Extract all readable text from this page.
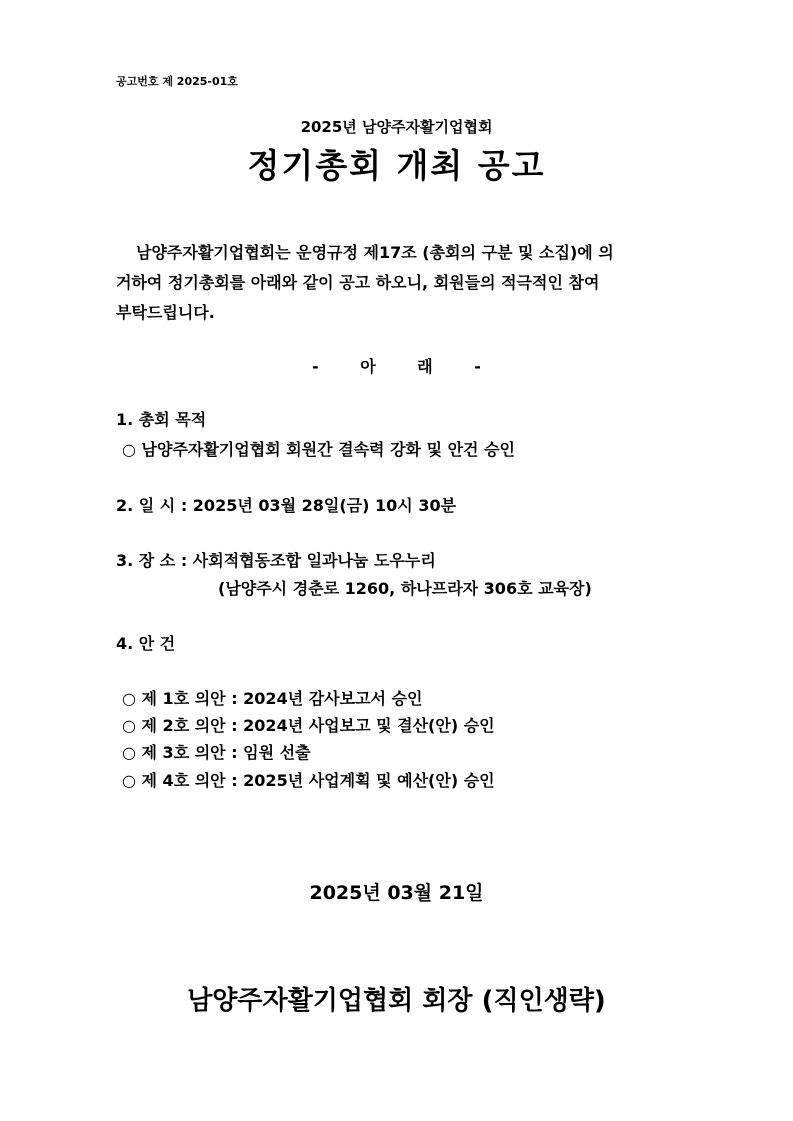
공고번호 제 2025-01호
2025년 남양주자활기업협회
정기총회 개최 공고
남양주자활기업협회는 운영규정 제17조 (총회의 구분 및 소집)에 의
거하여 정기총회를 아래와 같이 공고 하오니, 회원들의 적극적인 참여
부탁드립니다.
- 아 래 -
1. 총회 목적
○ 남양주자활기업협회 회원간 결속력 강화 및 안건 승인
2. 일 시 : 2025년 03월 28일(금) 10시 30분
3. 장 소 : 사회적협동조합 일과나눔 도우누리
(남양주시 경춘로 1260, 하나프라자 306호 교육장)
4. 안 건
○ 제 1호 의안 : 2024년 감사보고서 승인
○ 제 2호 의안 : 2024년 사업보고 및 결산(안) 승인
○ 제 3호 의안 : 임원 선출
○ 제 4호 의안 : 2025년 사업계획 및 예산(안) 승인
2025년 03월 21일
남양주자활기업협회 회장 (직인생략)
